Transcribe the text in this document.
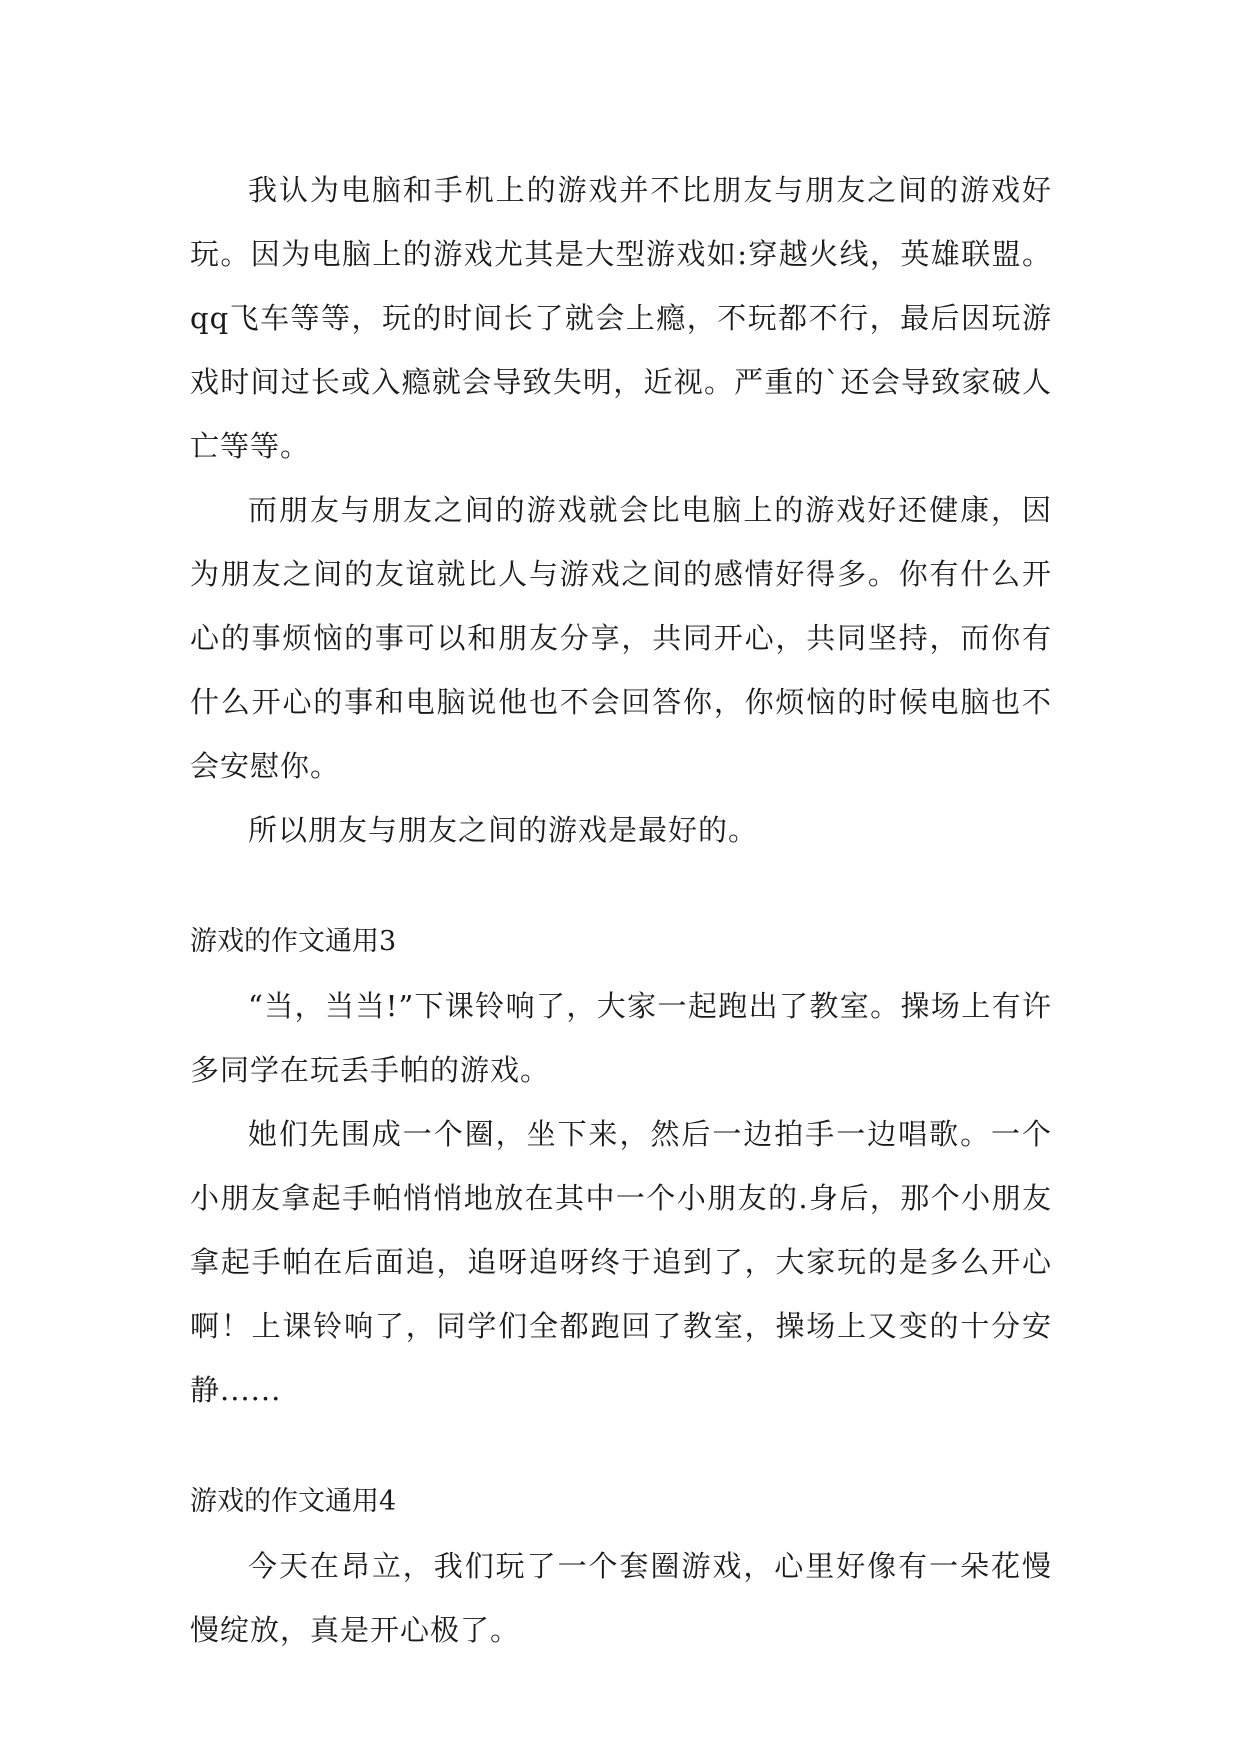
我认为电脑和手机上的游戏并不比朋友与朋友之间的游戏好玩。因为电脑上的游戏尤其是大型游戏如:穿越火线，英雄联盟。qq飞车等等，玩的时间长了就会上瘾，不玩都不行，最后因玩游戏时间过长或入瘾就会导致失明，近视。严重的`还会导致家破人亡等等。

而朋友与朋友之间的游戏就会比电脑上的游戏好还健康，因为朋友之间的友谊就比人与游戏之间的感情好得多。你有什么开心的事烦恼的事可以和朋友分享，共同开心，共同坚持，而你有什么开心的事和电脑说他也不会回答你，你烦恼的时候电脑也不会安慰你。

所以朋友与朋友之间的游戏是最好的。

游戏的作文通用3

“当，当当!”下课铃响了，大家一起跑出了教室。操场上有许多同学在玩丢手帕的游戏。

她们先围成一个圈，坐下来，然后一边拍手一边唱歌。一个小朋友拿起手帕悄悄地放在其中一个小朋友的.身后，那个小朋友拿起手帕在后面追，追呀追呀终于追到了，大家玩的是多么开心啊！上课铃响了，同学们全都跑回了教室，操场上又变的十分安静......

游戏的作文通用4

今天在昂立，我们玩了一个套圈游戏，心里好像有一朵花慢慢绽放，真是开心极了。
